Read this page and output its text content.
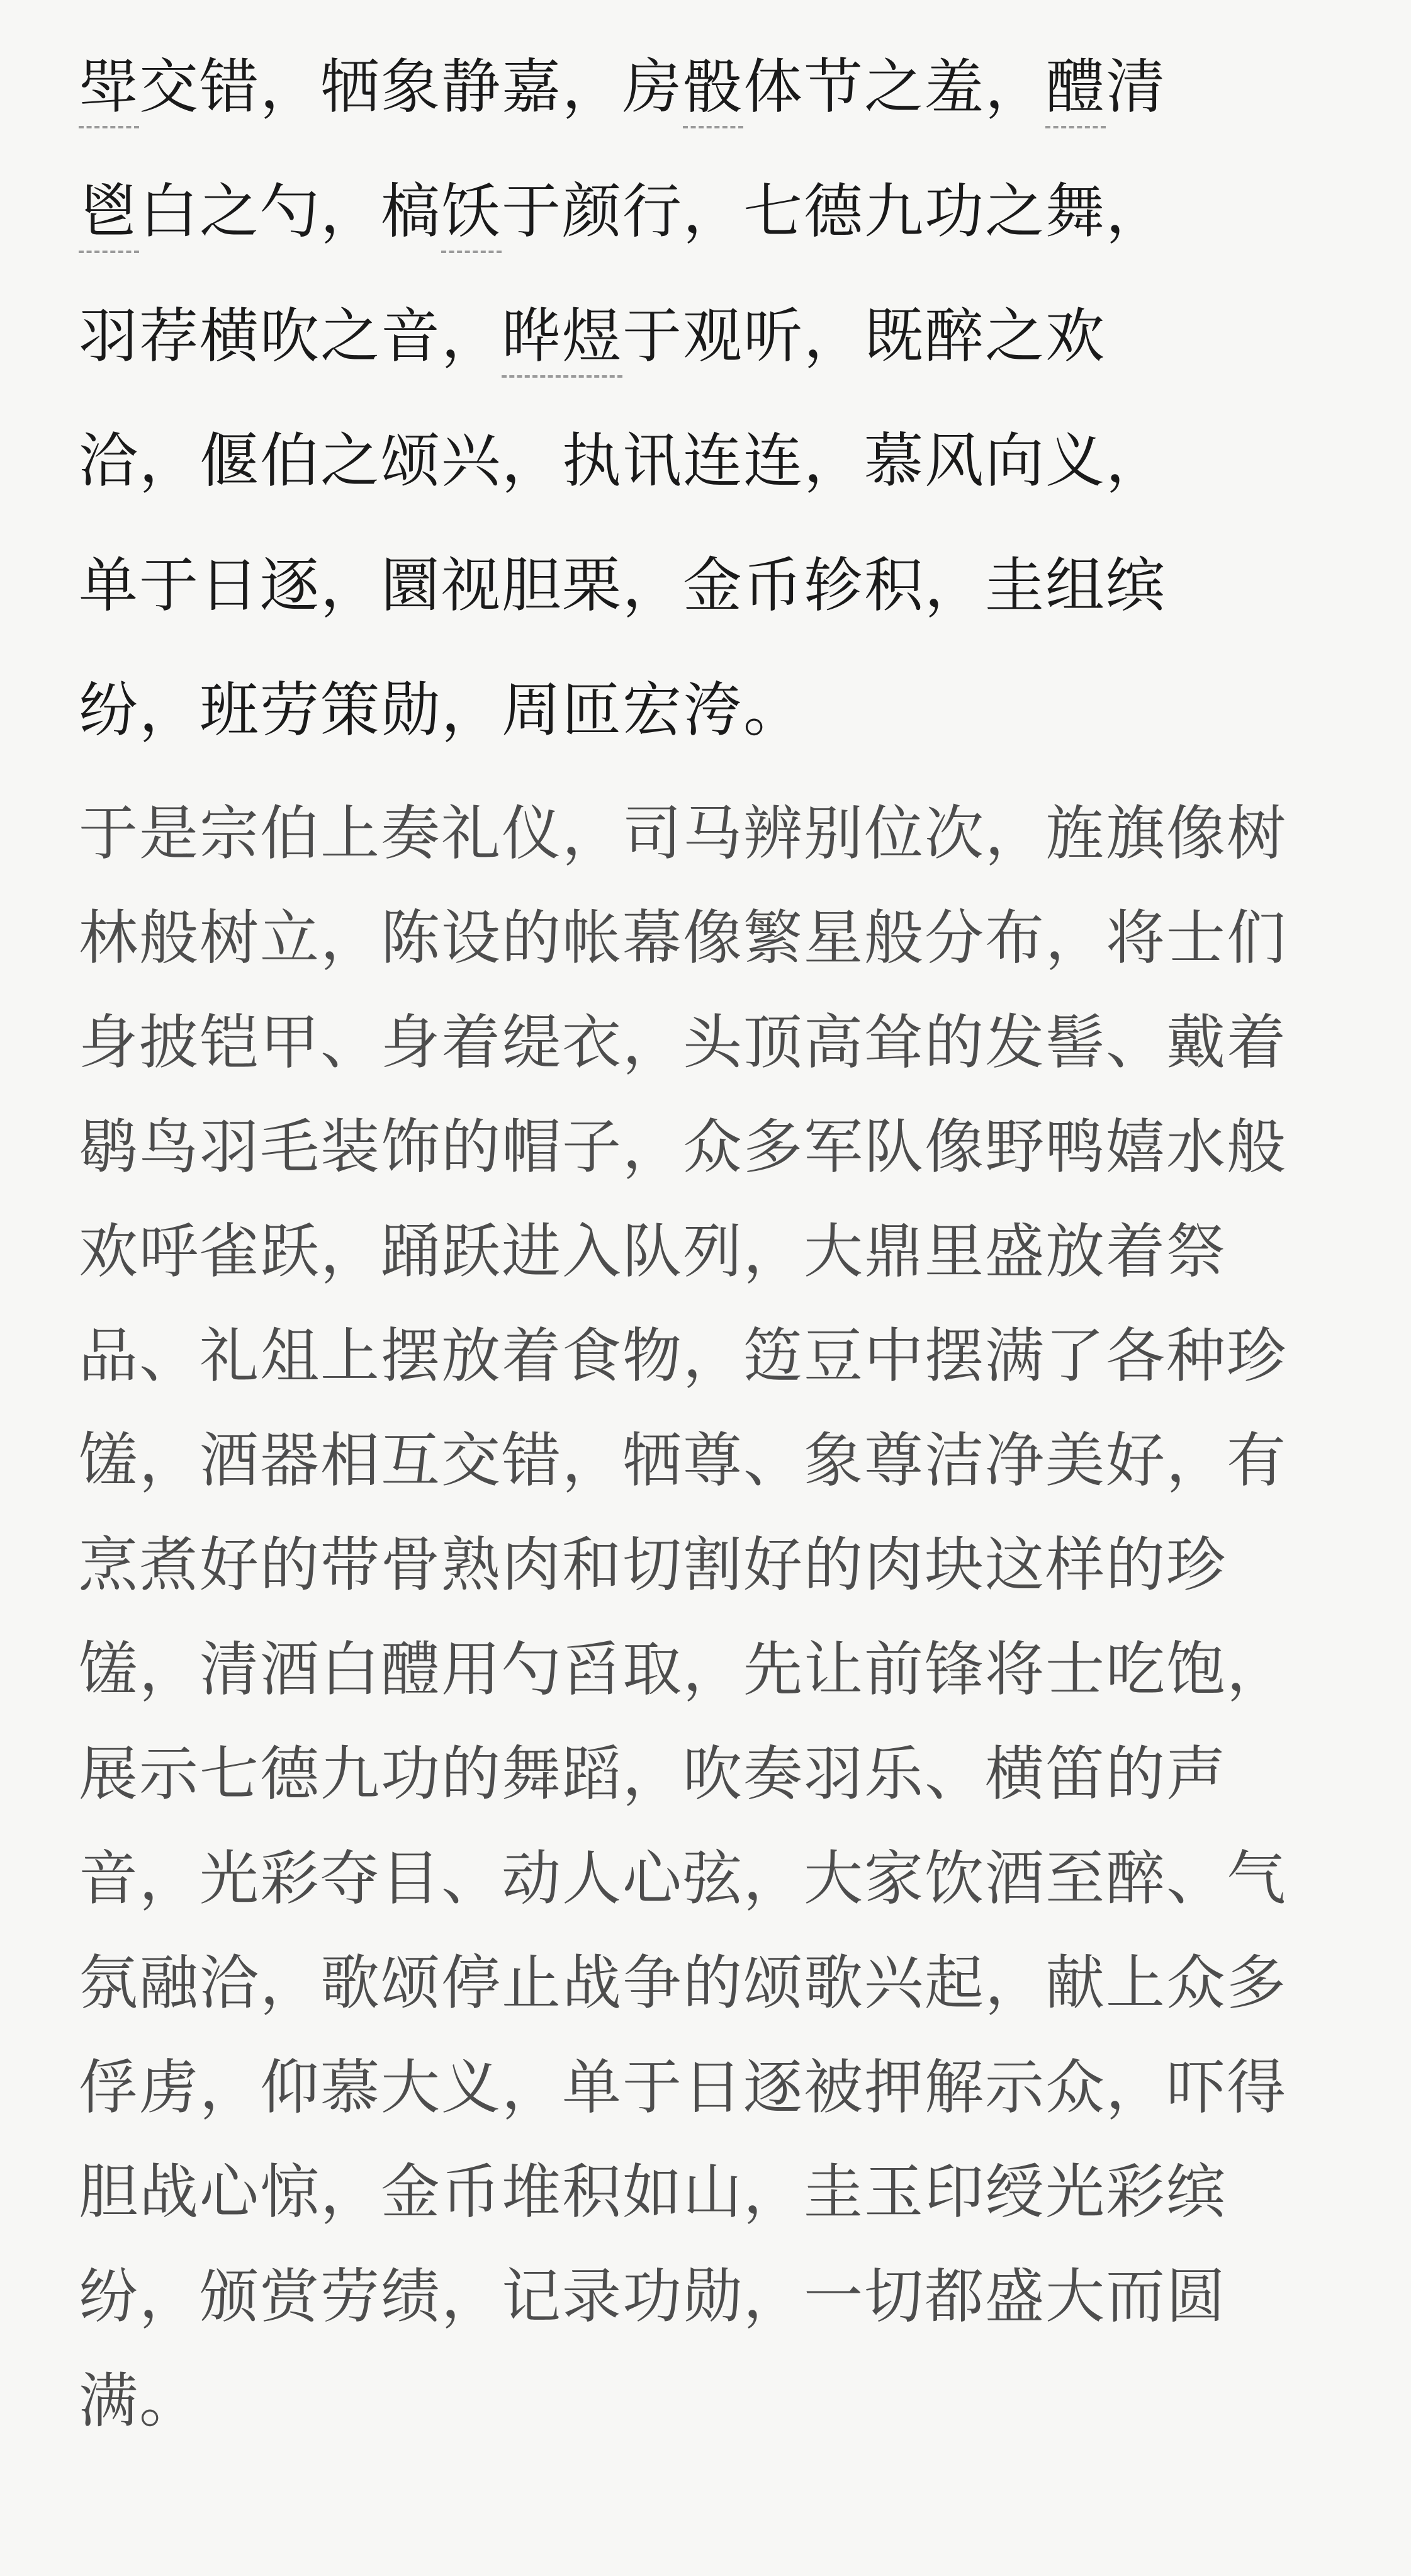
斝交错，牺象静嘉，房骰体节之羞，醴清
鬯白之勺，槁饫于颜行，七德九功之舞，
羽荐横吹之音，晔煜于观听，既醉之欢
洽，偃伯之颂兴，执讯连连，慕风向义，
单于日逐，圜视胆栗，金币轸积，圭组缤
纷，班劳策勋，周匝宏洿。
于是宗伯上奏礼仪，司马辨别位次，旌旗像树
林般树立，陈设的帐幕像繁星般分布，将士们
身披铠甲、身着缇衣，头顶高耸的发髻、戴着
鹖鸟羽毛装饰的帽子，众多军队像野鸭嬉水般
欢呼雀跃，踊跃进入队列，大鼎里盛放着祭
品、礼俎上摆放着食物，笾豆中摆满了各种珍
馐，酒器相互交错，牺尊、象尊洁净美好，有
烹煮好的带骨熟肉和切割好的肉块这样的珍
馐，清酒白醴用勺舀取，先让前锋将士吃饱，
展示七德九功的舞蹈，吹奏羽乐、横笛的声
音，光彩夺目、动人心弦，大家饮酒至醉、气
氛融洽，歌颂停止战争的颂歌兴起，献上众多
俘虏，仰慕大义，单于日逐被押解示众，吓得
胆战心惊，金币堆积如山，圭玉印绶光彩缤
纷，颁赏劳绩，记录功勋，一切都盛大而圆
满。
